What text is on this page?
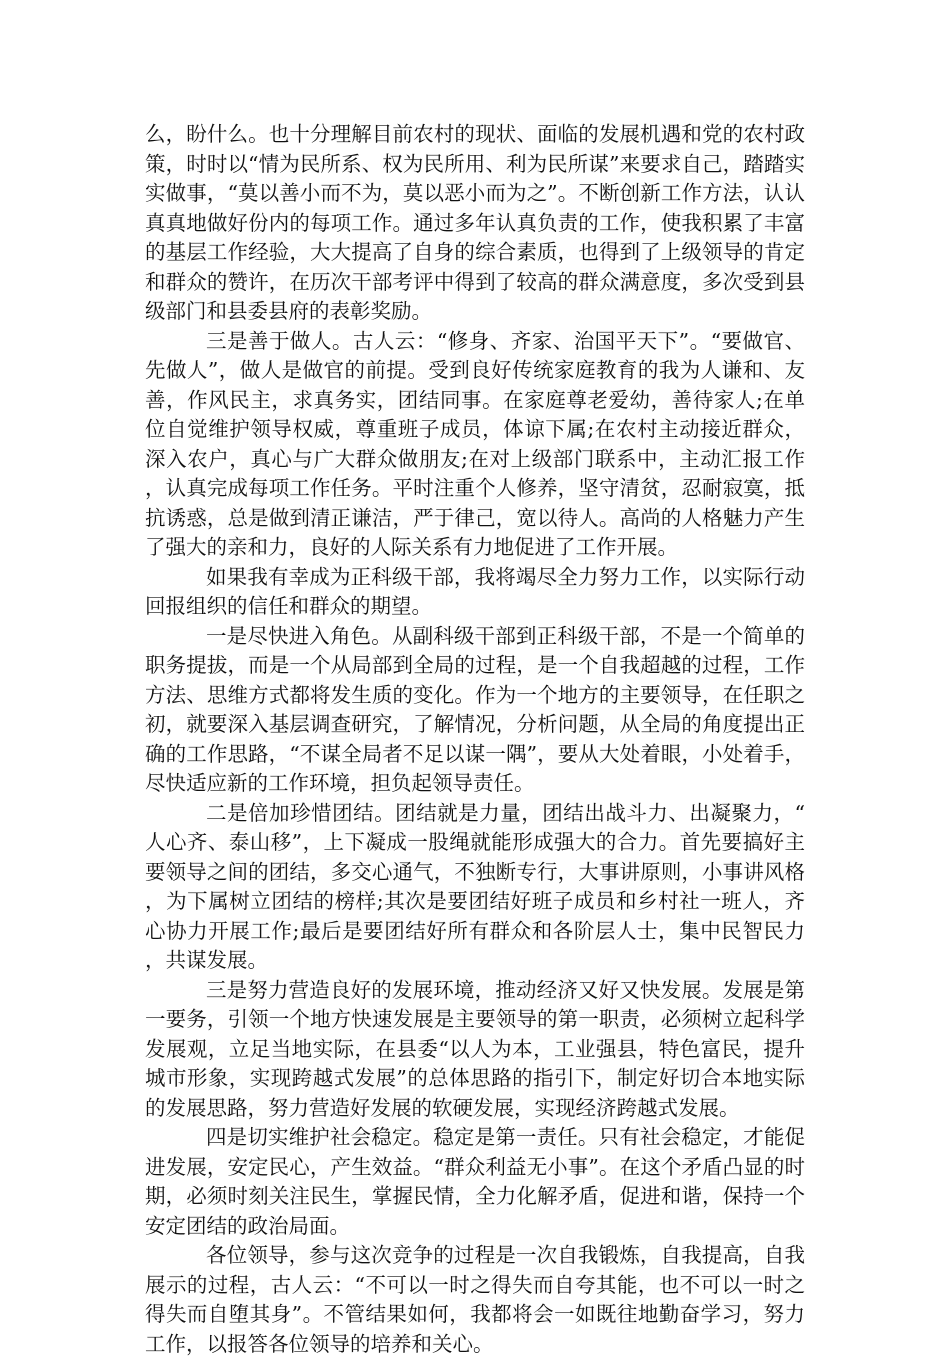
么，盼什么。也十分理解目前农村的现状、面临的发展机遇和党的农村政策，时时以“情为民所系、权为民所用、利为民所谋”来要求自己，踏踏实实做事，“莫以善小而不为，莫以恶小而为之”。不断创新工作方法，认认真真地做好份内的每项工作。通过多年认真负责的工作，使我积累了丰富的基层工作经验，大大提高了自身的综合素质，也得到了上级领导的肯定和群众的赞许，在历次干部考评中得到了较高的群众满意度，多次受到县级部门和县委县府的表彰奖励。

三是善于做人。古人云：“修身、齐家、治国平天下”。“要做官、先做人”，做人是做官的前提。受到良好传统家庭教育的我为人谦和、友善，作风民主，求真务实，团结同事。在家庭尊老爱幼，善待家人;在单位自觉维护领导权威，尊重班子成员，体谅下属;在农村主动接近群众，深入农户，真心与广大群众做朋友;在对上级部门联系中，主动汇报工作，认真完成每项工作任务。平时注重个人修养，坚守清贫，忍耐寂寞，抵抗诱惑，总是做到清正谦洁，严于律己，宽以待人。高尚的人格魅力产生了强大的亲和力，良好的人际关系有力地促进了工作开展。

如果我有幸成为正科级干部，我将竭尽全力努力工作，以实际行动回报组织的信任和群众的期望。

一是尽快进入角色。从副科级干部到正科级干部，不是一个简单的职务提拔，而是一个从局部到全局的过程，是一个自我超越的过程，工作方法、思维方式都将发生质的变化。作为一个地方的主要领导，在任职之初，就要深入基层调查研究，了解情况，分析问题，从全局的角度提出正确的工作思路，“不谋全局者不足以谋一隅”，要从大处着眼，小处着手，尽快适应新的工作环境，担负起领导责任。

二是倍加珍惜团结。团结就是力量，团结出战斗力、出凝聚力，“人心齐、泰山移”，上下凝成一股绳就能形成强大的合力。首先要搞好主要领导之间的团结，多交心通气，不独断专行，大事讲原则，小事讲风格，为下属树立团结的榜样;其次是要团结好班子成员和乡村社一班人，齐心协力开展工作;最后是要团结好所有群众和各阶层人士，集中民智民力，共谋发展。

三是努力营造良好的发展环境，推动经济又好又快发展。发展是第一要务，引领一个地方快速发展是主要领导的第一职责，必须树立起科学发展观，立足当地实际，在县委“以人为本，工业强县，特色富民，提升城市形象，实现跨越式发展”的总体思路的指引下，制定好切合本地实际的发展思路，努力营造好发展的软硬发展，实现经济跨越式发展。

四是切实维护社会稳定。稳定是第一责任。只有社会稳定，才能促进发展，安定民心，产生效益。“群众利益无小事”。在这个矛盾凸显的时期，必须时刻关注民生，掌握民情，全力化解矛盾，促进和谐，保持一个安定团结的政治局面。

各位领导，参与这次竞争的过程是一次自我锻炼，自我提高，自我展示的过程，古人云：“不可以一时之得失而自夸其能，也不可以一时之得失而自堕其身”。不管结果如何，我都将会一如既往地勤奋学习，努力工作，以报答各位领导的培养和关心。
